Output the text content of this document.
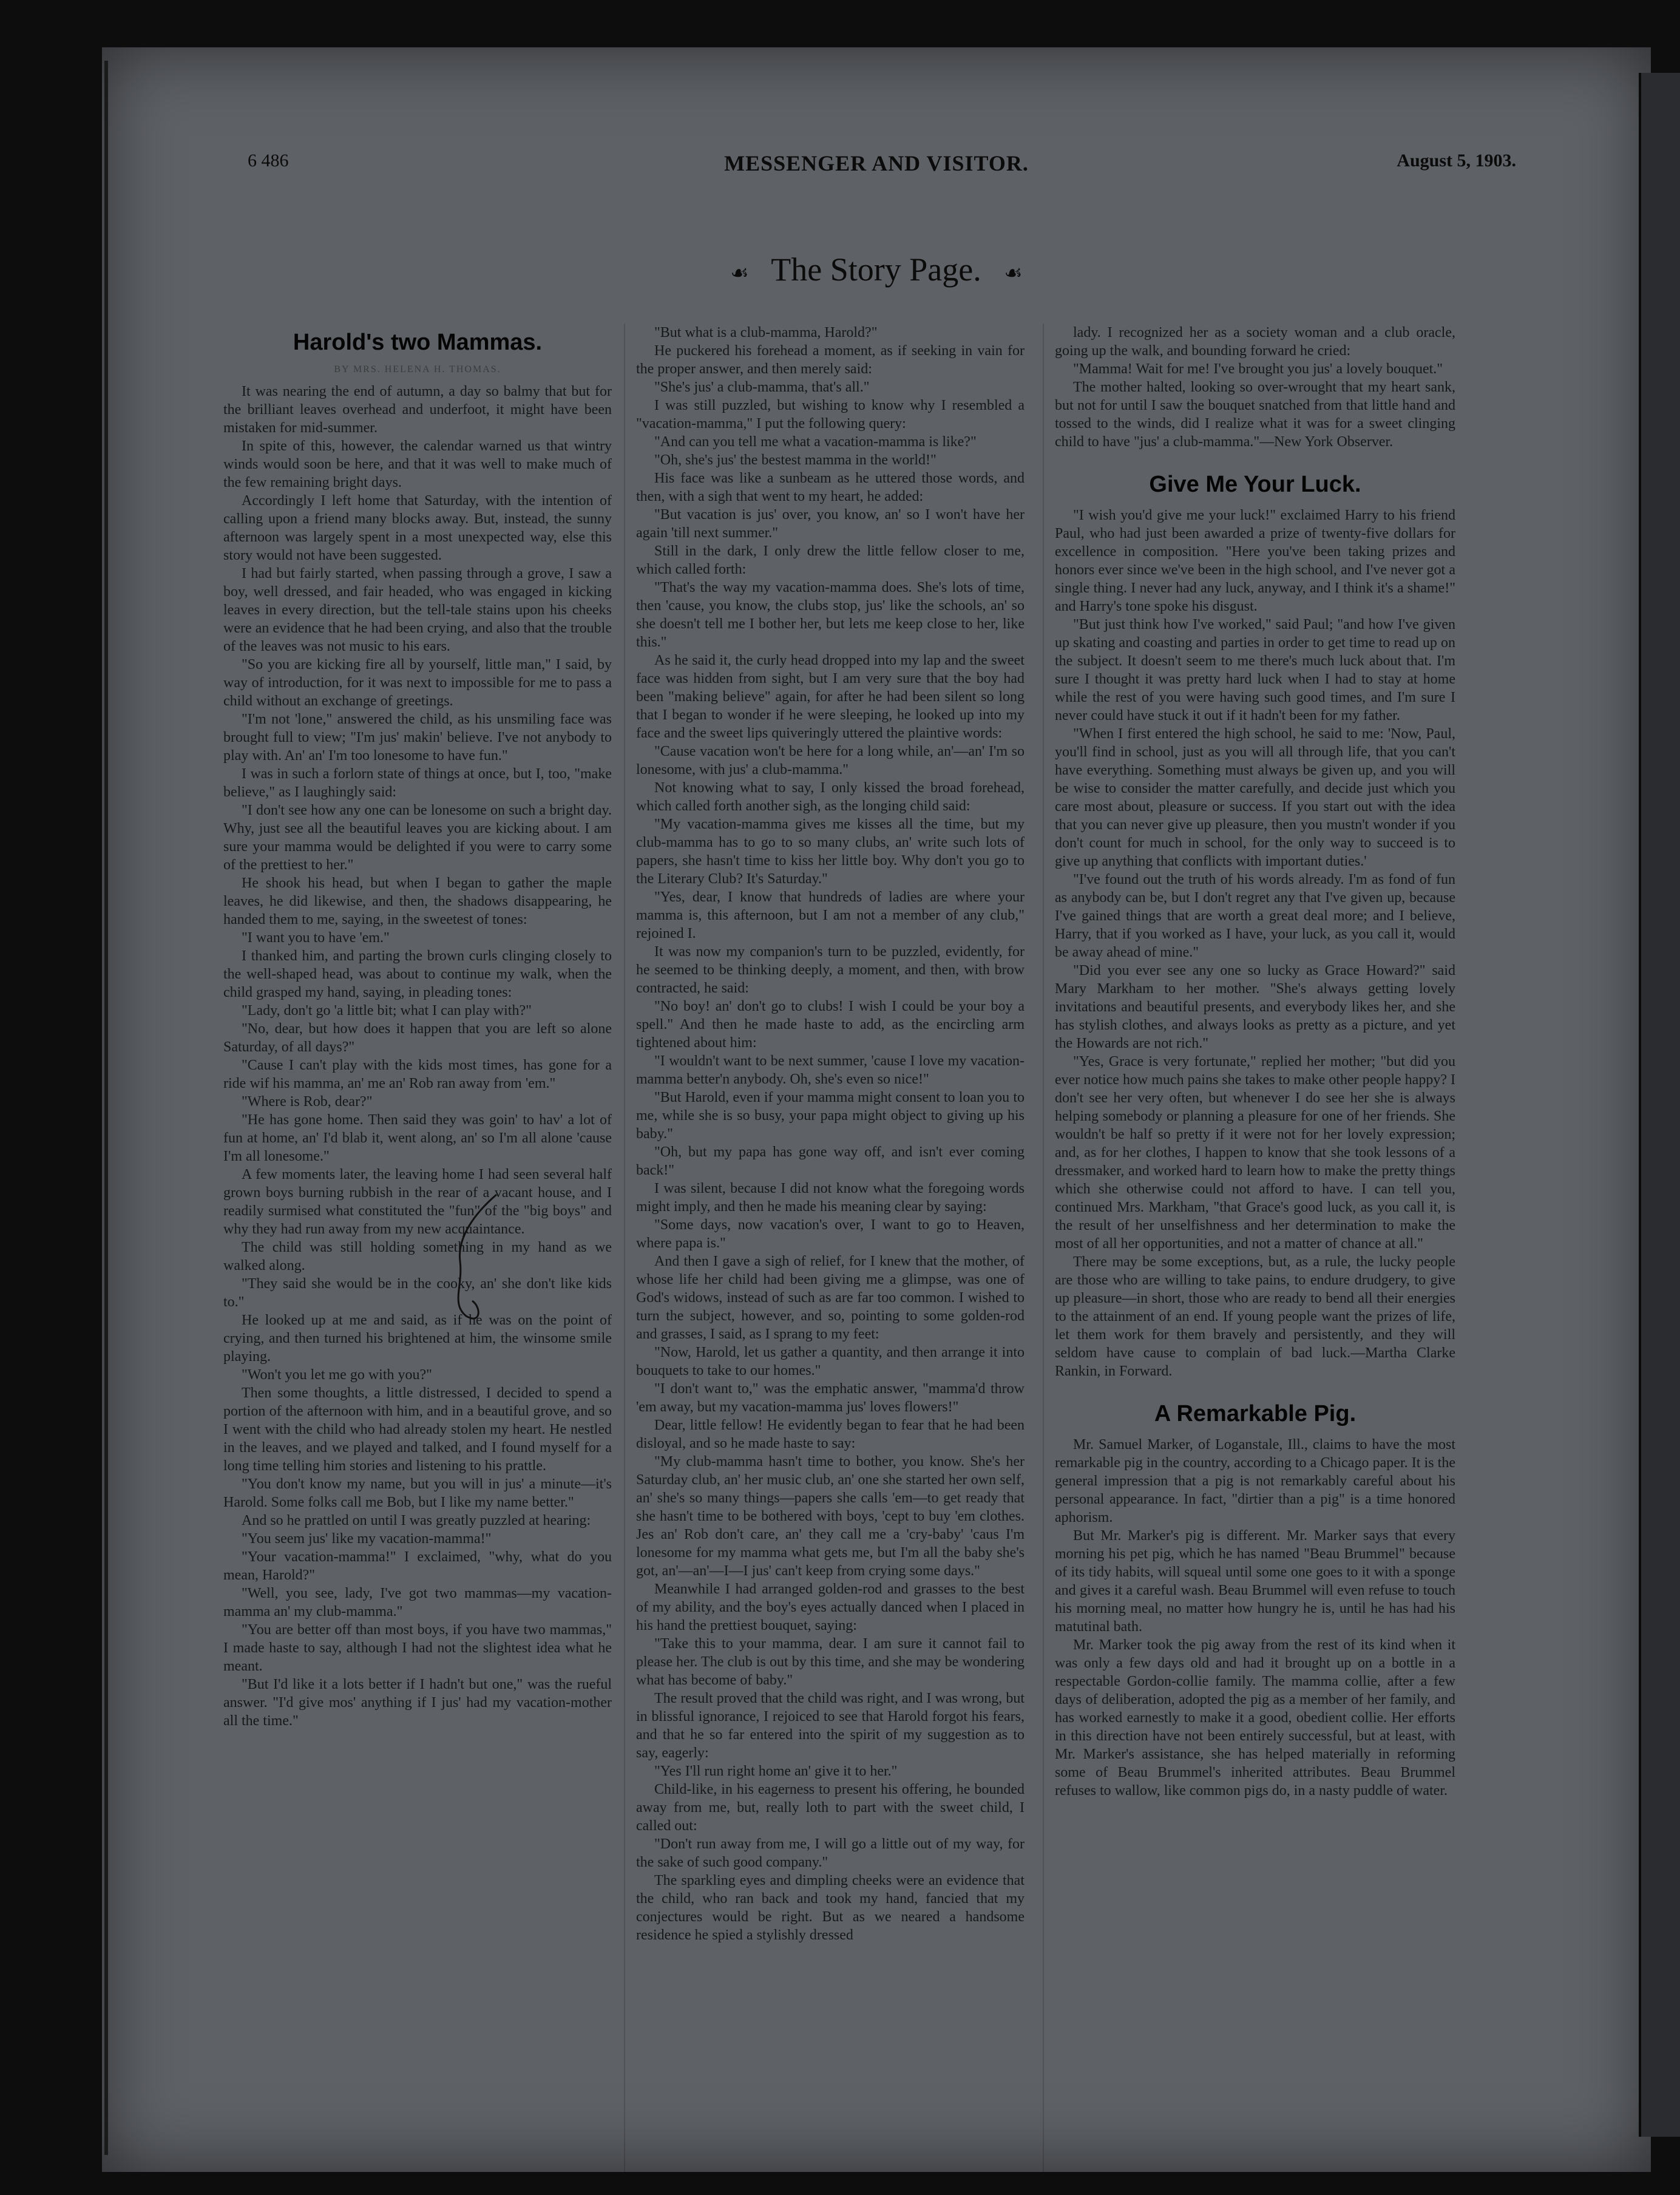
6 486	MESSENGER AND VISITOR.	August 5, 1903.
☙ The Story Page. ☙
Harold's two Mammas.
BY MRS. HELENA H. THOMAS.

It was nearing the end of autumn, a day so balmy that but for the brilliant leaves overhead and underfoot, it might have been mistaken for mid-summer.

In spite of this, however, the calendar warned us that wintry winds would soon be here, and that it was well to make much of the few remaining bright days.

Accordingly I left home that Saturday, with the intention of calling upon a friend many blocks away. But, instead, the sunny afternoon was largely spent in a most unexpected way, else this story would not have been suggested.

I had but fairly started, when passing through a grove, I saw a boy, well dressed, and fair headed, who was engaged in kicking leaves in every direction, but the tell-tale stains upon his cheeks were an evidence that he had been crying, and also that the trouble of the leaves was not music to his ears.

"So you are kicking fire all by yourself, little man," I said, by way of introduction, for it was next to impossible for me to pass a child without an exchange of greetings.

"I'm not 'lone," answered the child, as his unsmiling face was brought full to view; "I'm jus' makin' believe. I've not anybody to play with. An' an' I'm too lonesome to have fun."

I was in such a forlorn state of things at once, but I, too, "make believe," as I laughingly said:

"I don't see how any one can be lonesome on such a bright day. Why, just see all the beautiful leaves you are kicking about. I am sure your mamma would be delighted if you were to carry some of the prettiest to her."

He shook his head, but when I began to gather the maple leaves, he did likewise, and then, the shadows disappearing, he handed them to me, saying, in the sweetest of tones:

"I want you to have 'em."

I thanked him, and parting the brown curls clinging closely to the well-shaped head, was about to continue my walk, when the child grasped my hand, saying, in pleading tones:

"Lady, don't go 'a little bit; what I can play with?"

"No, dear, but how does it happen that you are left so alone Saturday, of all days?"

"Cause I can't play with the kids most times, has gone for a ride wif his mamma, an' me an' Rob ran away from 'em."

"Where is Rob, dear?"

"He has gone home. Then said they was goin' to hav' a lot of fun at home, an' I'd blab it, went along, an' so I'm all alone 'cause I'm all lonesome."

A few moments later, the leaving home I had seen several half grown boys burning rubbish in the rear of a vacant house, and I readily surmised what constituted the "fun" of the "big boys" and why they had run away from my new acquaintance.

The child was still holding something in my hand as we walked along.

"They said she would be in the cooky, an' she don't like kids to."

He looked up at me and said, as if he was on the point of crying, and then turned his brightened at him, the winsome smile playing.

"Won't you let me go with you?"

Then some thoughts, a little distressed, I decided to spend a portion of the afternoon with him, and in a beautiful grove, and so I went with the child who had already stolen my heart. He nestled in the leaves, and we played and talked, and I found myself for a long time telling him stories and listening to his prattle.

"You don't know my name, but you will in jus' a minute—it's Harold. Some folks call me Bob, but I like my name better."

And so he prattled on until I was greatly puzzled at hearing:

"You seem jus' like my vacation-mamma!"

"Your vacation-mamma!" I exclaimed, "why, what do you mean, Harold?"

"Well, you see, lady, I've got two mammas—my vacation-mamma an' my club-mamma."

"You are better off than most boys, if you have two mammas," I made haste to say, although I had not the slightest idea what he meant.

"But I'd like it a lots better if I hadn't but one," was the rueful answer. "I'd give mos' anything if I jus' had my vacation-mother all the time."

"But what is a club-mamma, Harold?"

He puckered his forehead a moment, as if seeking in vain for the proper answer, and then merely said:

"She's jus' a club-mamma, that's all."

I was still puzzled, but wishing to know why I resembled a "vacation-mamma," I put the following query:

"And can you tell me what a vacation-mamma is like?"

"Oh, she's jus' the bestest mamma in the world!"

His face was like a sunbeam as he uttered those words, and then, with a sigh that went to my heart, he added:

"But vacation is jus' over, you know, an' so I won't have her again 'till next summer."

Still in the dark, I only drew the little fellow closer to me, which called forth:

"That's the way my vacation-mamma does. She's lots of time, then 'cause, you know, the clubs stop, jus' like the schools, an' so she doesn't tell me I bother her, but lets me keep close to her, like this."

As he said it, the curly head dropped into my lap and the sweet face was hidden from sight, but I am very sure that the boy had been "making believe" again, for after he had been silent so long that I began to wonder if he were sleeping, he looked up into my face and the sweet lips quiveringly uttered the plaintive words:

"Cause vacation won't be here for a long while, an'—an' I'm so lonesome, with jus' a club-mamma."

Not knowing what to say, I only kissed the broad forehead, which called forth another sigh, as the longing child said:

"My vacation-mamma gives me kisses all the time, but my club-mamma has to go to so many clubs, an' write such lots of papers, she hasn't time to kiss her little boy. Why don't you go to the Literary Club? It's Saturday."

"Yes, dear, I know that hundreds of ladies are where your mamma is, this afternoon, but I am not a member of any club," rejoined I.

It was now my companion's turn to be puzzled, evidently, for he seemed to be thinking deeply, a moment, and then, with brow contracted, he said:

"No boy! an' don't go to clubs! I wish I could be your boy a spell." And then he made haste to add, as the encircling arm tightened about him:

"I wouldn't want to be next summer, 'cause I love my vacation-mamma better'n anybody. Oh, she's even so nice!"

"But Harold, even if your mamma might consent to loan you to me, while she is so busy, your papa might object to giving up his baby."

"Oh, but my papa has gone way off, and isn't ever coming back!"

I was silent, because I did not know what the foregoing words might imply, and then he made his meaning clear by saying:

"Some days, now vacation's over, I want to go to Heaven, where papa is."

And then I gave a sigh of relief, for I knew that the mother, of whose life her child had been giving me a glimpse, was one of God's widows, instead of such as are far too common. I wished to turn the subject, however, and so, pointing to some golden-rod and grasses, I said, as I sprang to my feet:

"Now, Harold, let us gather a quantity, and then arrange it into bouquets to take to our homes."

"I don't want to," was the emphatic answer, "mamma'd throw 'em away, but my vacation-mamma jus' loves flowers!"

Dear, little fellow! He evidently began to fear that he had been disloyal, and so he made haste to say:

"My club-mamma hasn't time to bother, you know. She's her Saturday club, an' her music club, an' one she started her own self, an' she's so many things—papers she calls 'em—to get ready that she hasn't time to be bothered with boys, 'cept to buy 'em clothes. Jes an' Rob don't care, an' they call me a 'cry-baby' 'caus I'm lonesome for my mamma what gets me, but I'm all the baby she's got, an'—an'—I—I jus' can't keep from crying some days."

Meanwhile I had arranged golden-rod and grasses to the best of my ability, and the boy's eyes actually danced when I placed in his hand the prettiest bouquet, saying:

"Take this to your mamma, dear. I am sure it cannot fail to please her. The club is out by this time, and she may be wondering what has become of baby."

The result proved that the child was right, and I was wrong, but in blissful ignorance, I rejoiced to see that Harold forgot his fears, and that he so far entered into the spirit of my suggestion as to say, eagerly:

"Yes I'll run right home an' give it to her."

Child-like, in his eagerness to present his offering, he bounded away from me, but, really loth to part with the sweet child, I called out:

"Don't run away from me, I will go a little out of my way, for the sake of such good company."

The sparkling eyes and dimpling cheeks were an evidence that the child, who ran back and took my hand, fancied that my conjectures would be right. But as we neared a handsome residence he spied a stylishly dressed

lady. I recognized her as a society woman and a club oracle, going up the walk, and bounding forward he cried:

"Mamma! Wait for me! I've brought you jus' a lovely bouquet."

The mother halted, looking so over-wrought that my heart sank, but not for until I saw the bouquet snatched from that little hand and tossed to the winds, did I realize what it was for a sweet clinging child to have "jus' a club-mamma."—New York Observer.

Give Me Your Luck.

"I wish you'd give me your luck!" exclaimed Harry to his friend Paul, who had just been awarded a prize of twenty-five dollars for excellence in composition. "Here you've been taking prizes and honors ever since we've been in the high school, and I've never got a single thing. I never had any luck, anyway, and I think it's a shame!" and Harry's tone spoke his disgust.

"But just think how I've worked," said Paul; "and how I've given up skating and coasting and parties in order to get time to read up on the subject. It doesn't seem to me there's much luck about that. I'm sure I thought it was pretty hard luck when I had to stay at home while the rest of you were having such good times, and I'm sure I never could have stuck it out if it hadn't been for my father.

"When I first entered the high school, he said to me: 'Now, Paul, you'll find in school, just as you will all through life, that you can't have everything. Something must always be given up, and you will be wise to consider the matter carefully, and decide just which you care most about, pleasure or success. If you start out with the idea that you can never give up pleasure, then you mustn't wonder if you don't count for much in school, for the only way to succeed is to give up anything that conflicts with important duties.'

"I've found out the truth of his words already. I'm as fond of fun as anybody can be, but I don't regret any that I've given up, because I've gained things that are worth a great deal more; and I believe, Harry, that if you worked as I have, your luck, as you call it, would be away ahead of mine."

"Did you ever see any one so lucky as Grace Howard?" said Mary Markham to her mother. "She's always getting lovely invitations and beautiful presents, and everybody likes her, and she has stylish clothes, and always looks as pretty as a picture, and yet the Howards are not rich."

"Yes, Grace is very fortunate," replied her mother; "but did you ever notice how much pains she takes to make other people happy? I don't see her very often, but whenever I do see her she is always helping somebody or planning a pleasure for one of her friends. She wouldn't be half so pretty if it were not for her lovely expression; and, as for her clothes, I happen to know that she took lessons of a dressmaker, and worked hard to learn how to make the pretty things which she otherwise could not afford to have. I can tell you, continued Mrs. Markham, "that Grace's good luck, as you call it, is the result of her unselfishness and her determination to make the most of all her opportunities, and not a matter of chance at all."

There may be some exceptions, but, as a rule, the lucky people are those who are willing to take pains, to endure drudgery, to give up pleasure—in short, those who are ready to bend all their energies to the attainment of an end. If young people want the prizes of life, let them work for them bravely and persistently, and they will seldom have cause to complain of bad luck.—Martha Clarke Rankin, in Forward.

A Remarkable Pig.

Mr. Samuel Marker, of Loganstale, Ill., claims to have the most remarkable pig in the country, according to a Chicago paper. It is the general impression that a pig is not remarkably careful about his personal appearance. In fact, "dirtier than a pig" is a time honored aphorism.

But Mr. Marker's pig is different. Mr. Marker says that every morning his pet pig, which he has named "Beau Brummel" because of its tidy habits, will squeal until some one goes to it with a sponge and gives it a careful wash. Beau Brummel will even refuse to touch his morning meal, no matter how hungry he is, until he has had his matutinal bath.

Mr. Marker took the pig away from the rest of its kind when it was only a few days old and had it brought up on a bottle in a respectable Gordon-collie family. The mamma collie, after a few days of deliberation, adopted the pig as a member of her family, and has worked earnestly to make it a good, obedient collie. Her efforts in this direction have not been entirely successful, but at least, with Mr. Marker's assistance, she has helped materially in reforming some of Beau Brummel's inherited attributes. Beau Brummel refuses to wallow, like common pigs do, in a nasty puddle of water.
